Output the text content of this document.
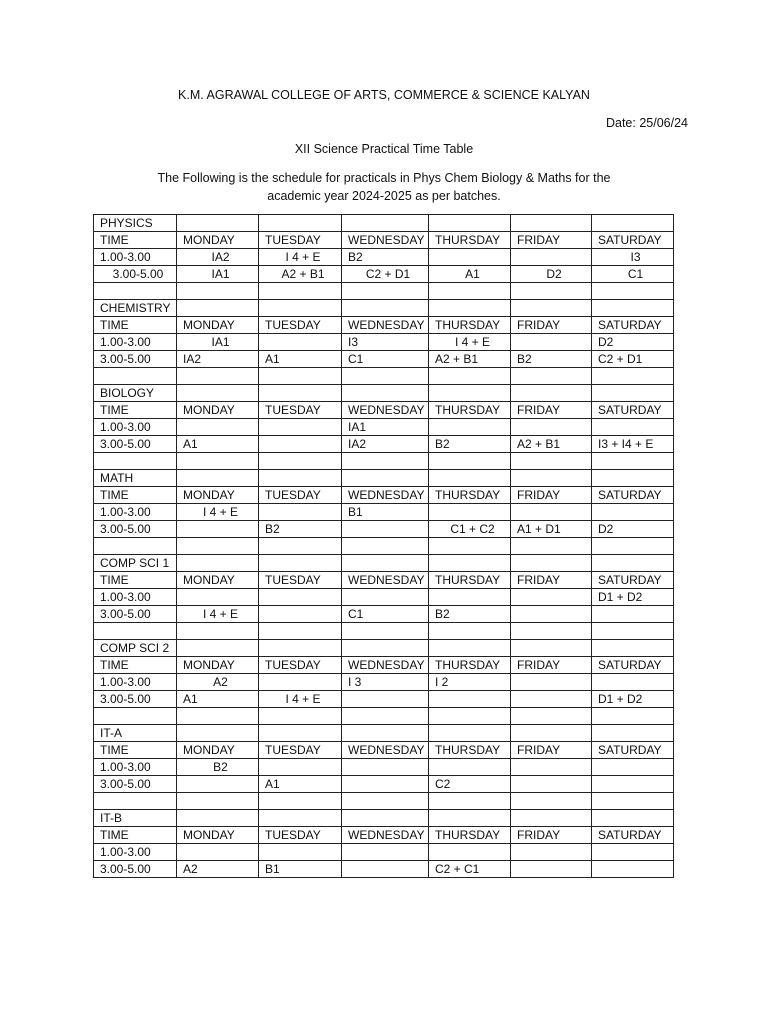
K.M. AGRAWAL COLLEGE OF ARTS, COMMERCE & SCIENCE KALYAN
Date: 25/06/24
XII Science Practical Time Table
The Following is the schedule for practicals in Phys Chem Biology & Maths for the academic year 2024-2025 as per batches.
PHYSICS						
TIME	MONDAY	TUESDAY	WEDNESDAY	THURSDAY	FRIDAY	SATURDAY
1.00-3.00	IA2	I 4 + E	B2			I3
3.00-5.00	IA1	A2 + B1	C2 + D1	A1	D2	C1

CHEMISTRY						
TIME	MONDAY	TUESDAY	WEDNESDAY	THURSDAY	FRIDAY	SATURDAY
1.00-3.00	IA1		I3	I 4 + E		D2
3.00-5.00	IA2	A1	C1	A2 + B1	B2	C2 + D1

BIOLOGY						
TIME	MONDAY	TUESDAY	WEDNESDAY	THURSDAY	FRIDAY	SATURDAY
1.00-3.00			IA1			
3.00-5.00	A1		IA2	B2	A2 + B1	I3 + I4 + E

MATH						
TIME	MONDAY	TUESDAY	WEDNESDAY	THURSDAY	FRIDAY	SATURDAY
1.00-3.00	I 4 + E		B1			
3.00-5.00		B2		C1 + C2	A1 + D1	D2

COMP SCI 1						
TIME	MONDAY	TUESDAY	WEDNESDAY	THURSDAY	FRIDAY	SATURDAY
1.00-3.00						D1 + D2
3.00-5.00	I 4 + E		C1	B2		

COMP SCI 2						
TIME	MONDAY	TUESDAY	WEDNESDAY	THURSDAY	FRIDAY	SATURDAY
1.00-3.00	A2		I 3	I 2		
3.00-5.00	A1	I 4 + E				D1 + D2

IT-A						
TIME	MONDAY	TUESDAY	WEDNESDAY	THURSDAY	FRIDAY	SATURDAY
1.00-3.00	B2					
3.00-5.00		A1		C2		

IT-B						
TIME	MONDAY	TUESDAY	WEDNESDAY	THURSDAY	FRIDAY	SATURDAY
1.00-3.00						
3.00-5.00	A2	B1		C2 + C1		
